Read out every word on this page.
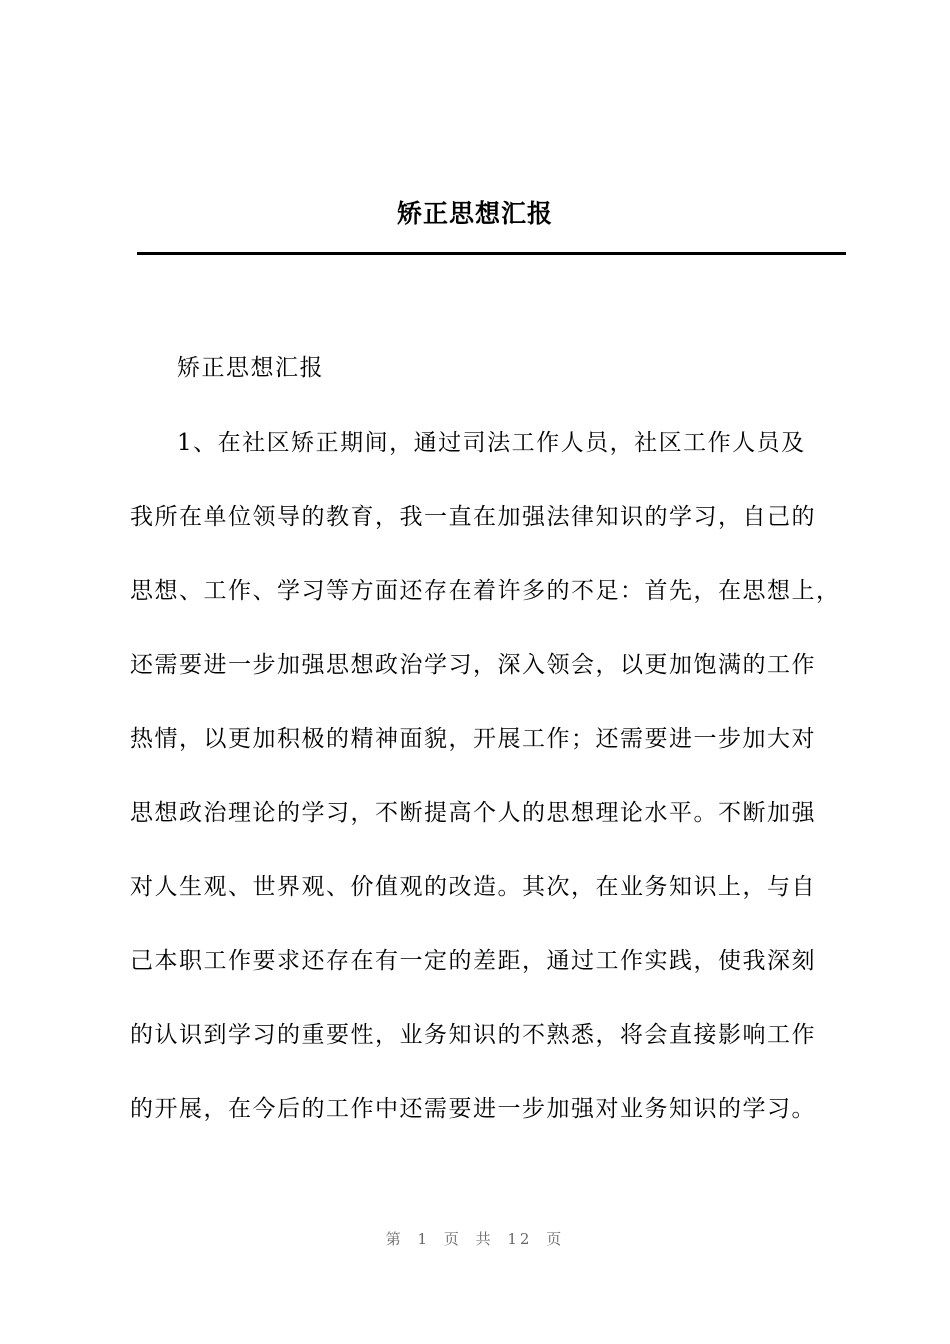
矫正思想汇报

矫正思想汇报

1、在社区矫正期间，通过司法工作人员，社区工作人员及
我所在单位领导的教育，我一直在加强法律知识的学习，自己的
思想、工作、学习等方面还存在着许多的不足：首先，在思想上，
还需要进一步加强思想政治学习，深入领会，以更加饱满的工作
热情，以更加积极的精神面貌，开展工作；还需要进一步加大对
思想政治理论的学习，不断提高个人的思想理论水平。不断加强
对人生观、世界观、价值观的改造。其次，在业务知识上，与自
己本职工作要求还存在有一定的差距，通过工作实践，使我深刻
的认识到学习的重要性，业务知识的不熟悉，将会直接影响工作
的开展，在今后的工作中还需要进一步加强对业务知识的学习。

第 1 页 共 12 页
